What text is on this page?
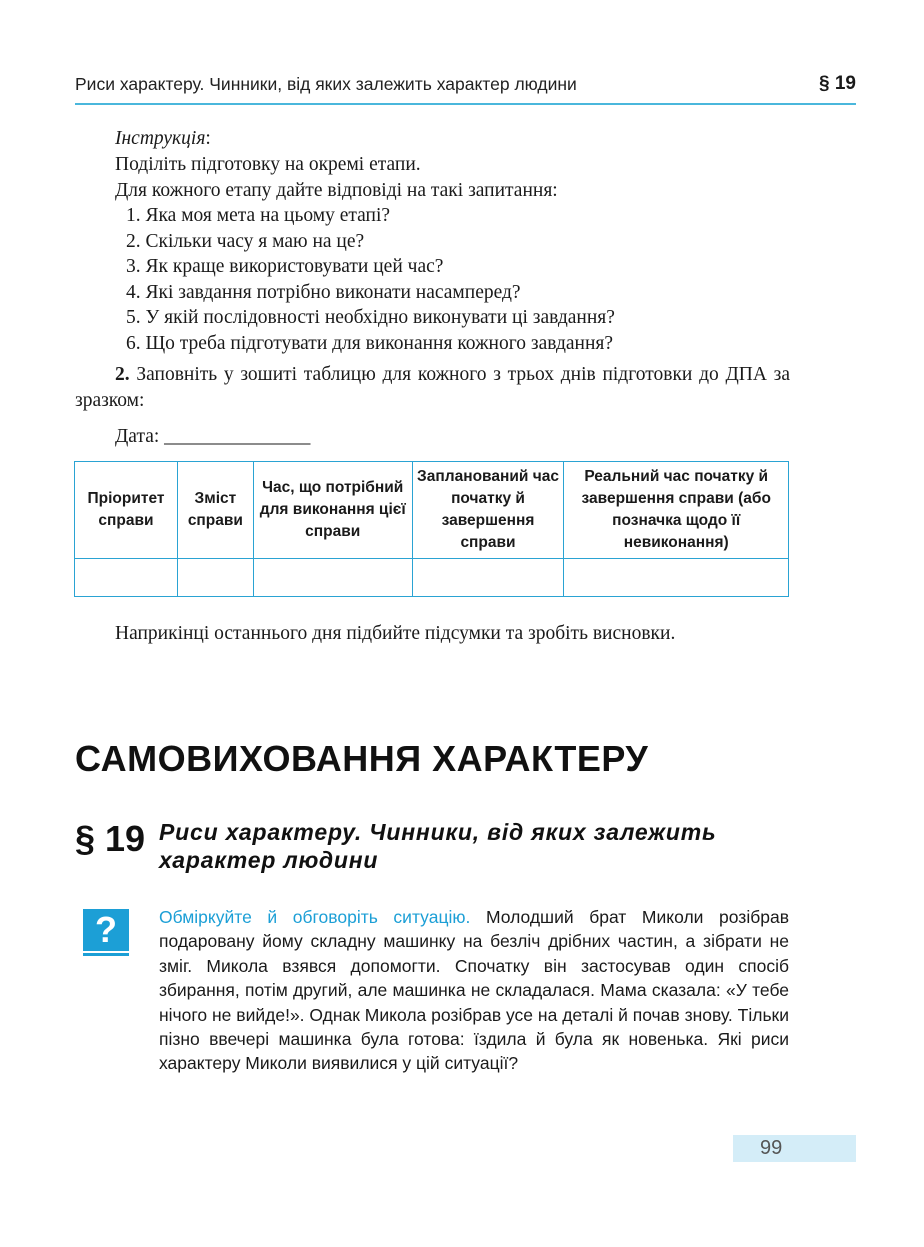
Риси характеру. Чинники, від яких залежить характер людини	§ 19
Інструкція:
Поділіть підготовку на окремі етапи.
Для кожного етапу дайте відповіді на такі запитання:
1. Яка моя мета на цьому етапі?
2. Скільки часу я маю на це?
3. Як краще використовувати цей час?
4. Які завдання потрібно виконати насамперед?
5. У якій послідовності необхідно виконувати ці завдання?
6. Що треба підготувати для виконання кожного завдання?
2. Заповніть у зошиті таблицю для кожного з трьох днів підготовки до ДПА за зразком:
Дата: _______________
Пріоритет справи	Зміст справи	Час, що потрібний для виконання цієї справи	Запланований час початку й завершення справи	Реальний час початку й завершення справи (або позначка щодо її невиконання)

Наприкінці останнього дня підбийте підсумки та зробіть висновки.
САМОВИХОВАННЯ ХАРАКТЕРУ
§ 19 Риси характеру. Чинники, від яких залежить характер людини
?	Обміркуйте й обговоріть ситуацію. Молодший брат Миколи розібрав подаровану йому складну машинку на безліч дрібних частин, а зібрати не зміг. Микола взявся допомогти. Спочатку він застосував один спосіб збирання, потім другий, але машинка не складалася. Мама сказала: «У тебе нічого не вийде!». Однак Микола розібрав усе на деталі й почав знову. Тільки пізно ввечері машинка була готова: їздила й була як новенька. Які риси характеру Миколи виявилися у цій ситуації?
99
